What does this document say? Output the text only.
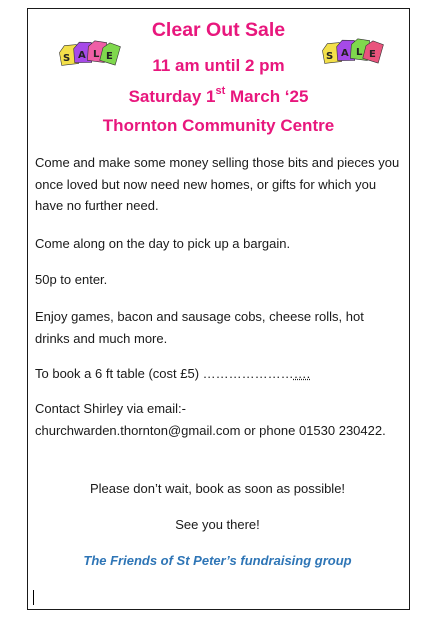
S A L E	S A L E
Clear Out Sale
11 am until 2 pm
Saturday 1st March ‘25
Thornton Community Centre

Come and make some money selling those bits and pieces you once loved but now need new homes, or gifts for which you have no further need.

Come along on the day to pick up a bargain.

50p to enter.

Enjoy games, bacon and sausage cobs, cheese rolls, hot drinks and much more.

To book a 6 ft table (cost £5) …………………….

Contact Shirley via email:-
churchwarden.thornton@gmail.com or phone 01530 230422.

Please don’t wait, book as soon as possible!

See you there!

The Friends of St Peter’s fundraising group
